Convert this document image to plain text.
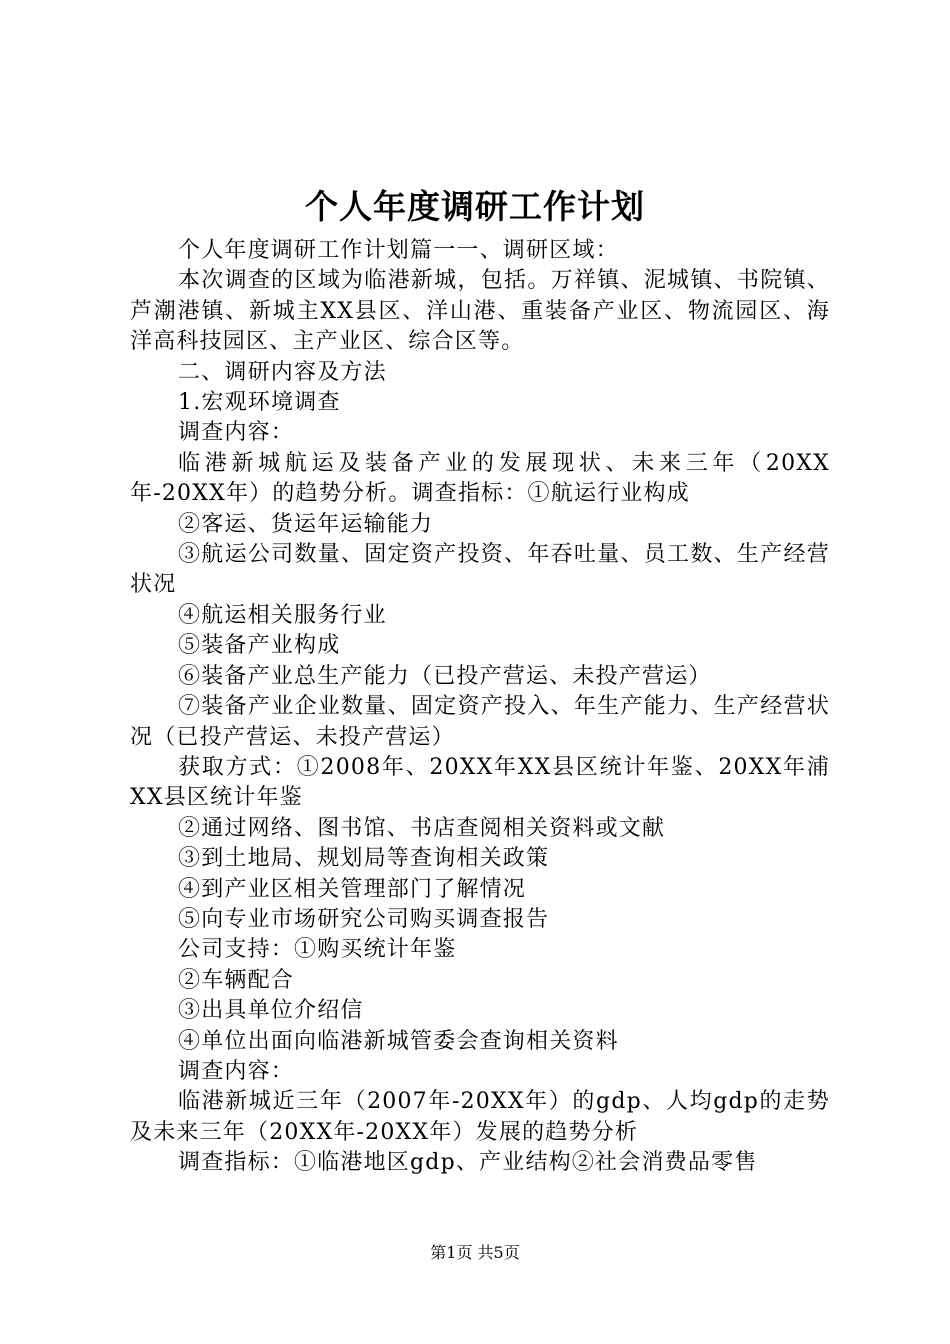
个人年度调研工作计划

个人年度调研工作计划篇一一、调研区域：

本次调查的区域为临港新城，包括。万祥镇、泥城镇、书院镇、芦潮港镇、新城主XX县区、洋山港、重装备产业区、物流园区、海洋高科技园区、主产业区、综合区等。

二、调研内容及方法

1.宏观环境调查

调查内容：

临港新城航运及装备产业的发展现状、未来三年（20XX年-20XX年）的趋势分析。调查指标：①航运行业构成

②客运、货运年运输能力

③航运公司数量、固定资产投资、年吞吐量、员工数、生产经营状况

④航运相关服务行业

⑤装备产业构成

⑥装备产业总生产能力（已投产营运、未投产营运）

⑦装备产业企业数量、固定资产投入、年生产能力、生产经营状况（已投产营运、未投产营运）

获取方式：①2008年、20XX年XX县区统计年鉴、20XX年浦XX县区统计年鉴

②通过网络、图书馆、书店查阅相关资料或文献

③到土地局、规划局等查询相关政策

④到产业区相关管理部门了解情况

⑤向专业市场研究公司购买调查报告

公司支持：①购买统计年鉴

②车辆配合

③出具单位介绍信

④单位出面向临港新城管委会查询相关资料

调查内容：

临港新城近三年（2007年-20XX年）的gdp、人均gdp的走势及未来三年（20XX年-20XX年）发展的趋势分析

调查指标：①临港地区gdp、产业结构②社会消费品零售

第1页 共5页
